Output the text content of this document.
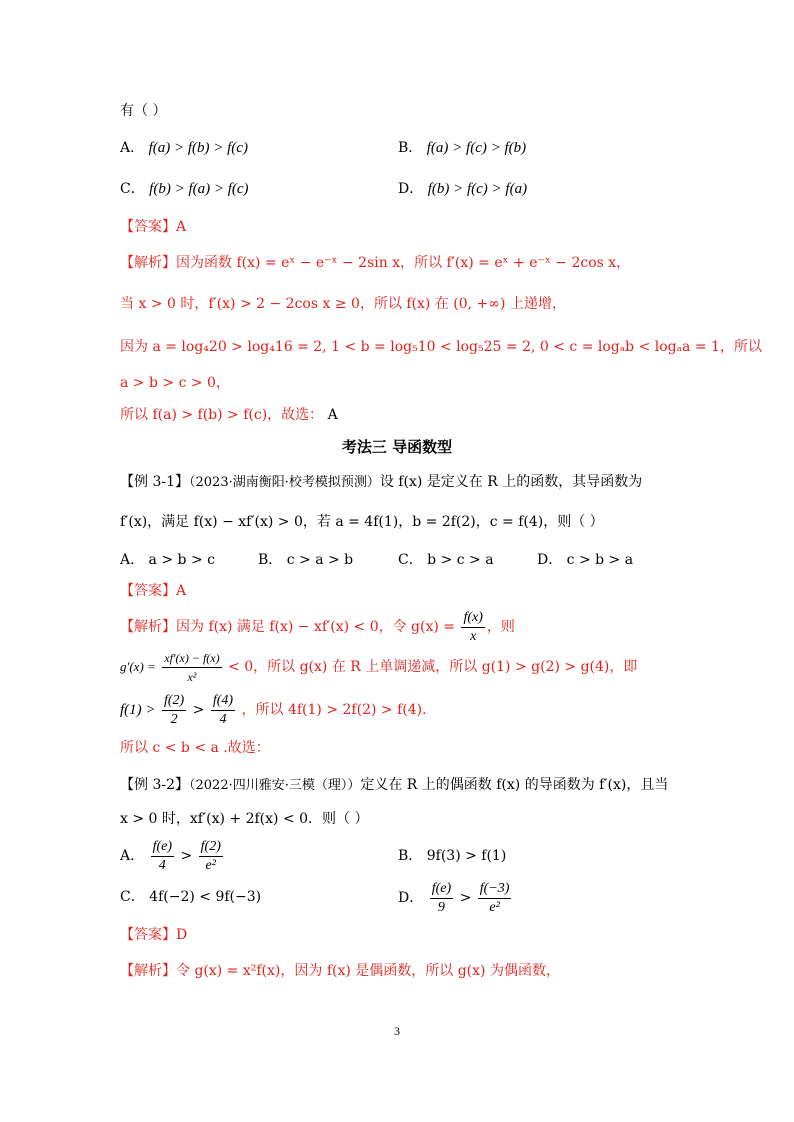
有（ ）
A． f(a) > f(b) > f(c)	B． f(a) > f(c) > f(b)
C． f(b) > f(a) > f(c)	D． f(b) > f(c) > f(a)
【答案】A
【解析】因为函数 f(x) = eˣ − e⁻ˣ − 2sin x，所以 f′(x) = eˣ + e⁻ˣ − 2cos x，
当 x > 0 时，f′(x) > 2 − 2cos x ≥ 0，所以 f(x) 在 (0, +∞) 上递增，
因为 a = log₄20 > log₄16 = 2, 1 < b = log₅10 < log₅25 = 2, 0 < c = logₐb < logₐa = 1，所以
a > b > c > 0，
所以 f(a) > f(b) > f(c)，故选： A
考法三 导函数型
【例 3-1】（2023·湖南衡阳·校考模拟预测）设 f(x) 是定义在 R 上的函数，其导函数为
f′(x)，满足 f(x) − xf′(x) > 0，若 a = 4f(1)，b = 2f(2)，c = f(4)，则（ ）
A． a > b > c	B． c > a > b	C． b > c > a	D． c > b > a
【答案】A
【解析】因为 f(x) 满足 f(x) − xf′(x) < 0，令 $g(x) = \frac{f(x)}{x}$ ，则
$g'(x) = \frac{xf'(x) - f(x)}{\text{x²}} < 0$，所以 g(x) 在 R 上单调递减，所以 g(1) > g(2) > g(4)，即
$f(1) > \frac{f(2)}{2} > \frac{f(4)}{4}$ ，所以 4f(1) > 2f(2) > f(4).
所以 c < b < a .故选：
【例 3-2】（2022·四川雅安·三模（理））定义在 R 上的偶函数 f(x) 的导函数为 f′(x)，且当
x > 0 时，xf′(x) + 2f(x) < 0．则（ ）
A． $\frac{f(e)}{4} > \frac{f(2)}{\text{e²}}$	B． 9f(3) > f(1)
C． 4f(−2) < 9f(−3)	D． $\frac{f(e)}{9} > \frac{f(-3)}{\text{e²}}$
【答案】D
【解析】令 g(x) = x²f(x)，因为 f(x) 是偶函数，所以 g(x) 为偶函数，
3
